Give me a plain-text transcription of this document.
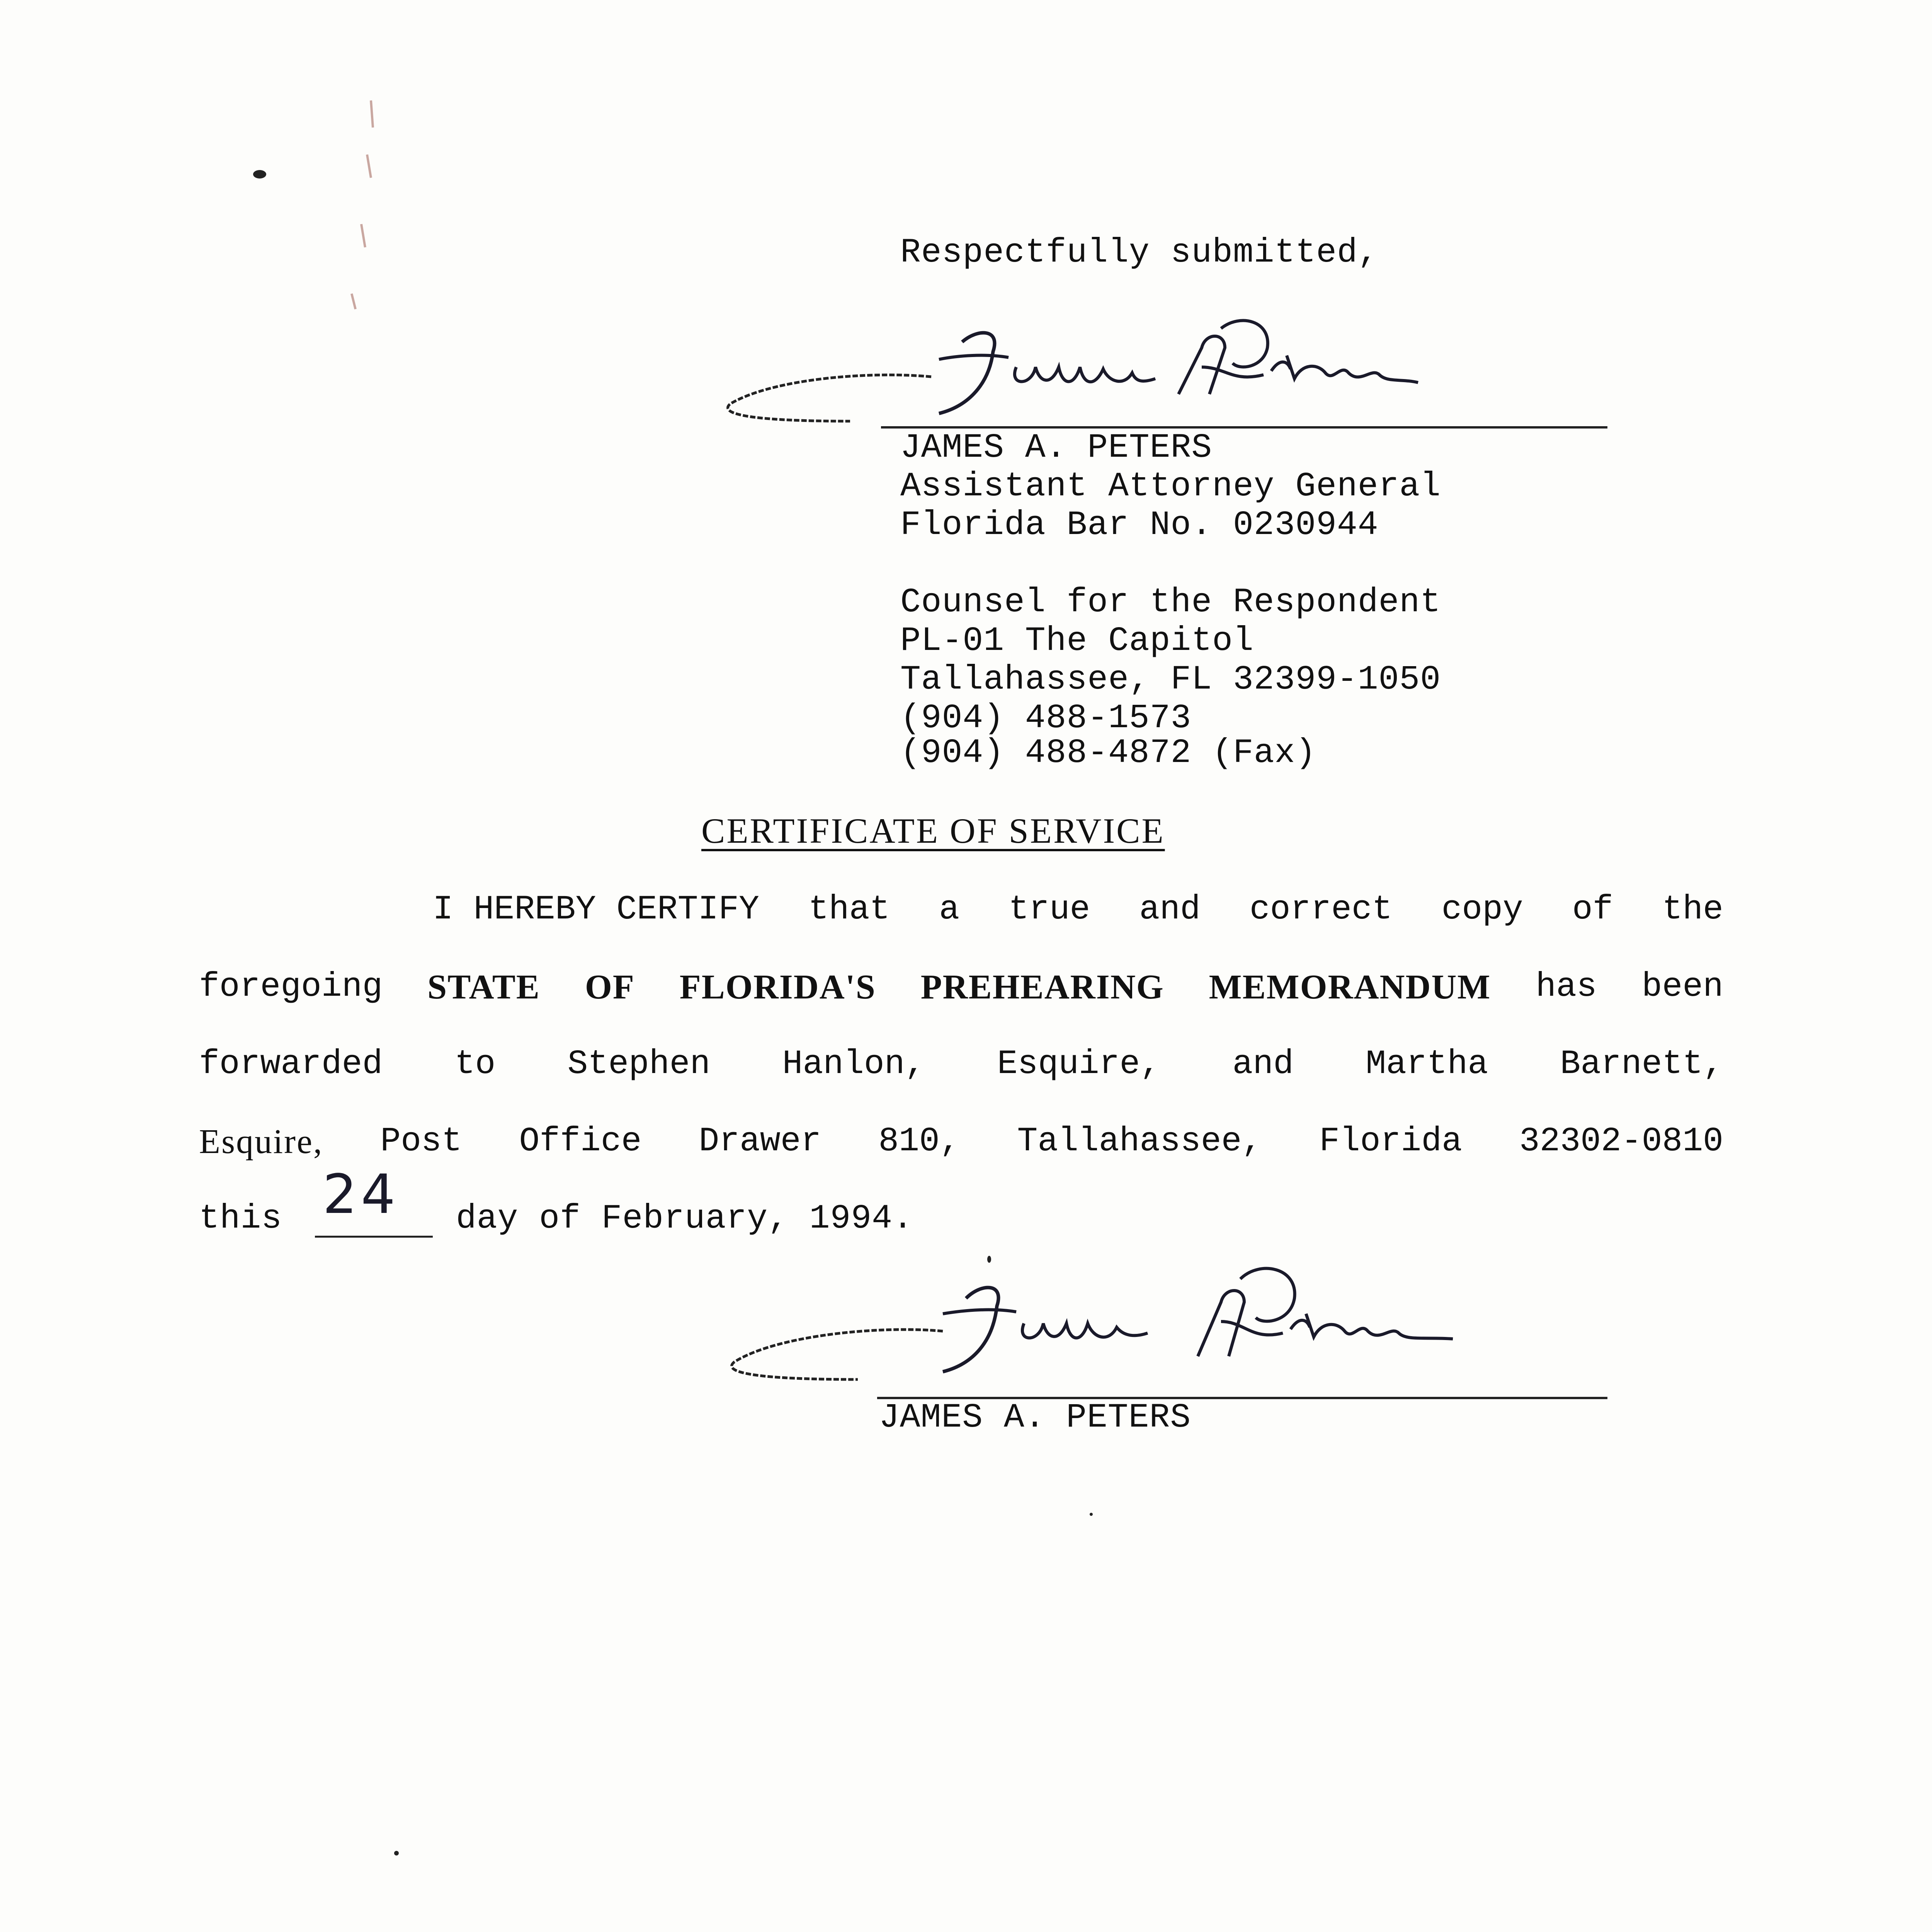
Respectfully submitted,
JAMES A. PETERS
Assistant Attorney General
Florida Bar No. 0230944
Counsel for the Respondent
PL-01 The Capitol
Tallahassee, FL 32399-1050
(904) 488-1573
(904) 488-4872 (Fax)
CERTIFICATE OF SERVICE
I HEREBY CERTIFY that a true and correct copy of the
foregoing STATE OF FLORIDA'S PREHEARING MEMORANDUM has been
forwarded to Stephen Hanlon, Esquire, and Martha Barnett,
Esquire, Post Office Drawer 810, Tallahassee, Florida 32302-0810
this 24 day of February, 1994.
JAMES A. PETERS
